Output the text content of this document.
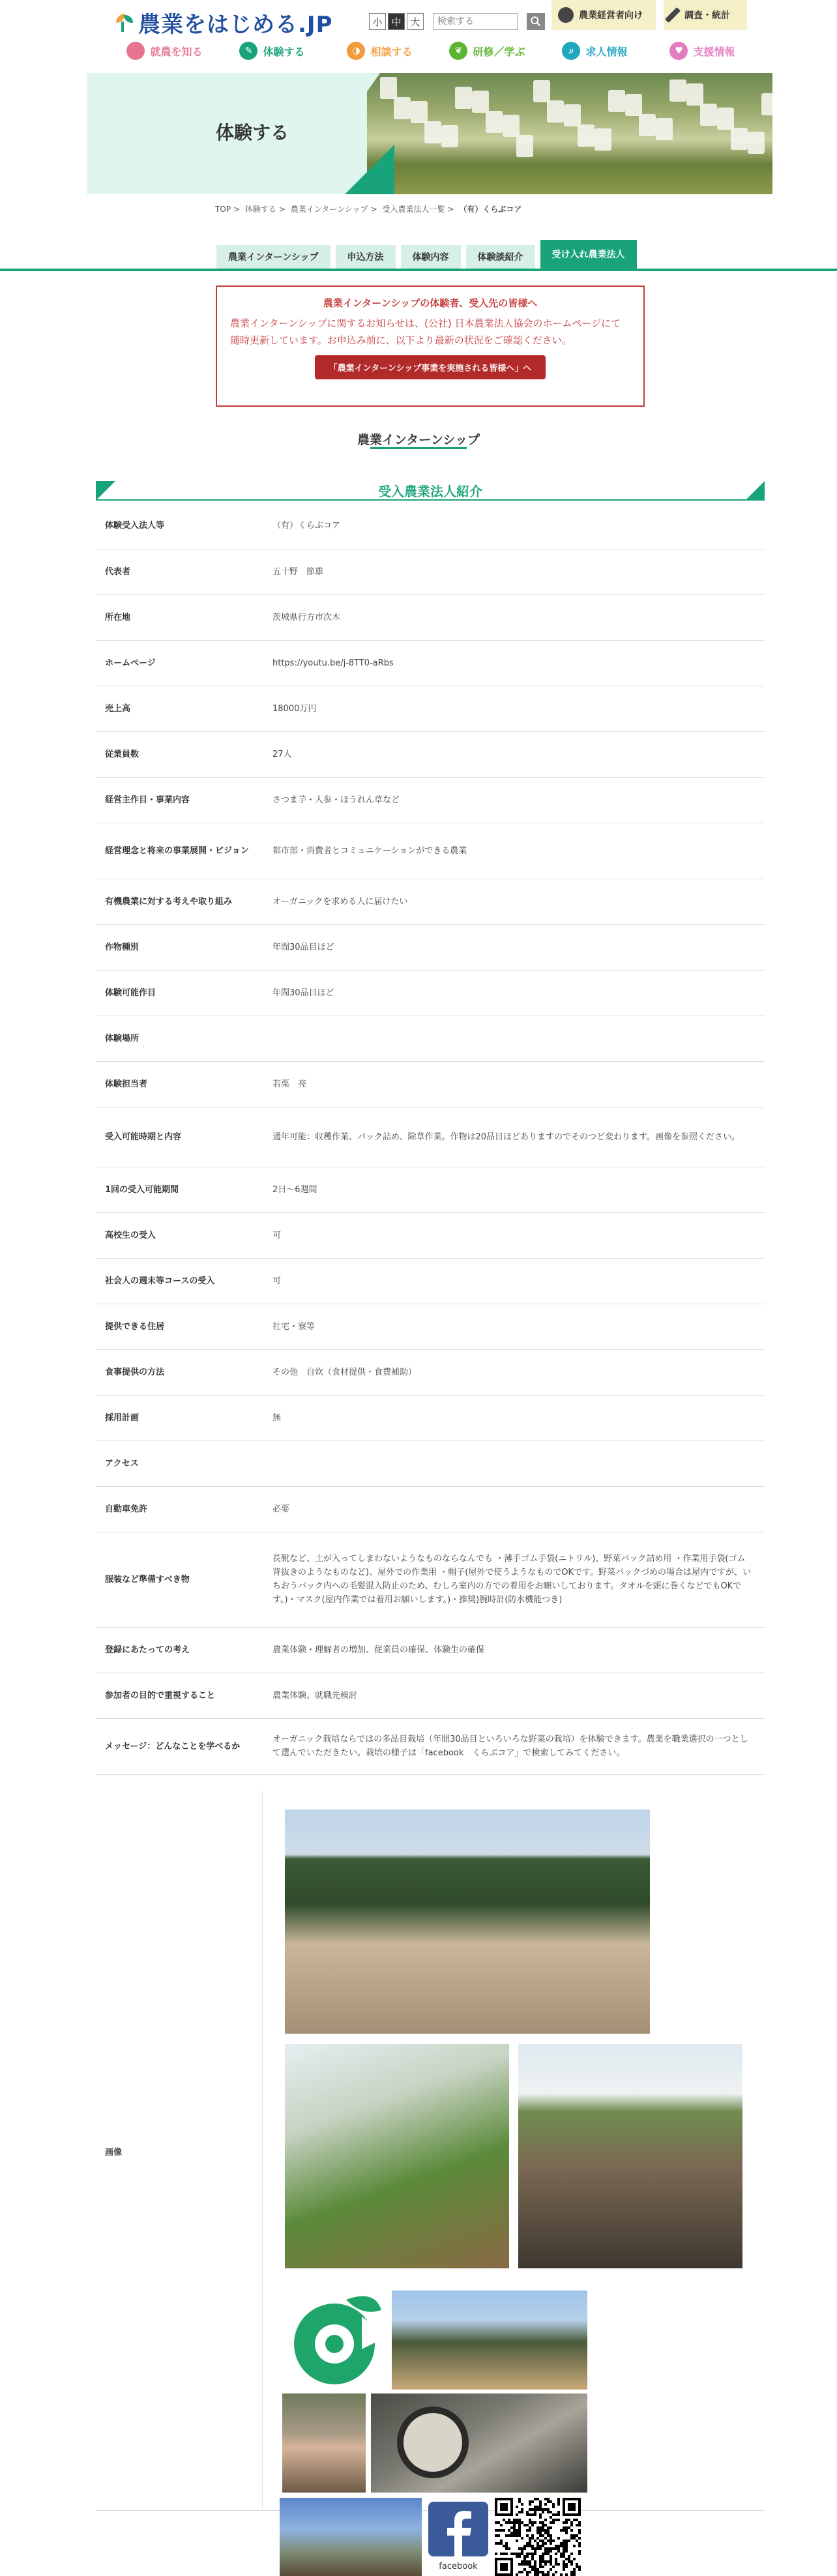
農業をはじめる.JP	小 中 大
検索する
農業経営者向け	調査・統計
就農を知る	✎	体験する	◑ 相談する	❦	研修／学ぶ	⌕	求人情報	♥ 支援情報
体験する
TOP > 体験する > 農業インターンシップ > 受入農業法人一覧 > （有）くらぶコア
農業インターンシップ	申込方法	体験内容	体験談紹介	受け入れ農業法人
農業インターンシップの体験者、受入先の皆様へ
農業インターンシップに関するお知らせは、(公社) 日本農業法人協会のホームページにて随時更新しています。お申込み前に、以下より最新の状況をご確認ください。
「農業インターンシップ事業を実施される皆様へ」へ
農業インターンシップ
受入農業法人紹介
体験受入法人等	（有）くらぶコア
代表者	五十野　節雄
所在地	茨城県行方市次木
ホームページ	https://youtu.be/j-8TT0-aRbs
売上高	18000万円
従業員数	27人
経営主作目・事業内容	さつま芋・人参・ほうれん草など
経営理念と将来の事業展開・ビジョン	都市部・消費者とコミュニケーションができる農業
有機農業に対する考えや取り組み	オーガニックを求める人に届けたい
作物種別	年間30品目ほど
体験可能作目	年間30品目ほど
体験場所	
体験担当者	若栗　亮
受入可能時期と内容	通年可能：収穫作業、パック詰め、除草作業。作物は20品目ほどありますのでそのつど変わります。画像を参照ください。
1回の受入可能期間	2日〜6週間
高校生の受入	可
社会人の週末等コースの受入	可
提供できる住居	社宅・寮等
食事提供の方法	その他　自炊（食材提供・食費補助）
採用計画	無
アクセス	
自動車免許	必要
服装など準備すべき物	長靴など、土が入ってしまわないようなものならなんでも ・薄手ゴム手袋(ニトリル)、野菜パック詰め用 ・作業用手袋(ゴム背抜きのようなものなど)、屋外での作業用 ・帽子(屋外で使うようなものでOKです。野菜パックづめの場合は屋内ですが、いちおうパック内への毛髪混入防止のため、むしろ室内の方での着用をお願いしております。タオルを頭に巻くなどでもOKです。)・マスク(屋内作業では着用お願いします。)・推奨)腕時計(防水機能つき)
登録にあたっての考え	農業体験・理解者の増加、従業員の確保、体験生の確保
参加者の目的で重視すること	農業体験、就職先検討
メッセージ：どんなことを学べるか	オーガニック栽培ならではの多品目栽培（年間30品目といろいろな野菜の栽培）を体験できます。農業を職業選択の一つとして選んでいただきたい。栽培の様子は「facebook　くらぶコア」で検索してみてください。
画像
facebook
